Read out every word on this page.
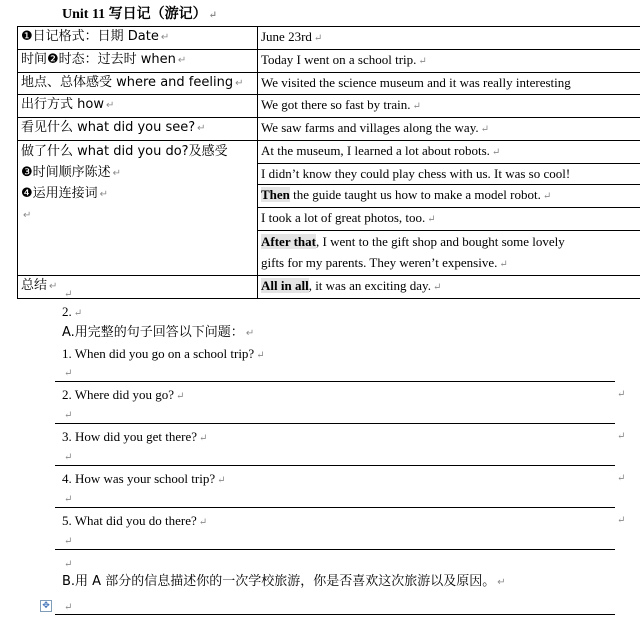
Unit 11 写日记（游记） ↵
❶日记格式：日期 Date ↵	June 23rd ↵
时间❷时态：过去时 when ↵	Today I went on a school trip. ↵
地点、总体感受 where and feeling ↵	We visited the science museum and it was really interesting
出行方式 how ↵	We got there so fast by train. ↵
看见什么 what did you see? ↵	We saw farms and villages along the way. ↵

做了什么 what did you do?及感受
❸时间顺序陈述 ↵
❹运用连接词 ↵
↵	At the museum, I learned a lot about robots. ↵
	I didn’t know they could play chess with us. It was so cool!
	Then the guide taught us how to make a model robot. ↵
	I took a lot of great photos, too. ↵
	After that, I went to the gift shop and bought some lovely
gifts for my parents. They weren’t expensive. ↵
总结 ↵	All in all, it was an exciting day. ↵
↵
2. ↵
A.用完整的句子回答以下问题： ↵
1. When did you go on a school trip? ↵
↵
2. Where did you go? ↵	↵
↵
3. How did you get there? ↵	↵
↵
4. How was your school trip? ↵	↵
↵
5. What did you do there? ↵	↵
↵
↵
B.用 A 部分的信息描述你的一次学校旅游，你是否喜欢这次旅游以及原因。 ↵
✥ ↵
